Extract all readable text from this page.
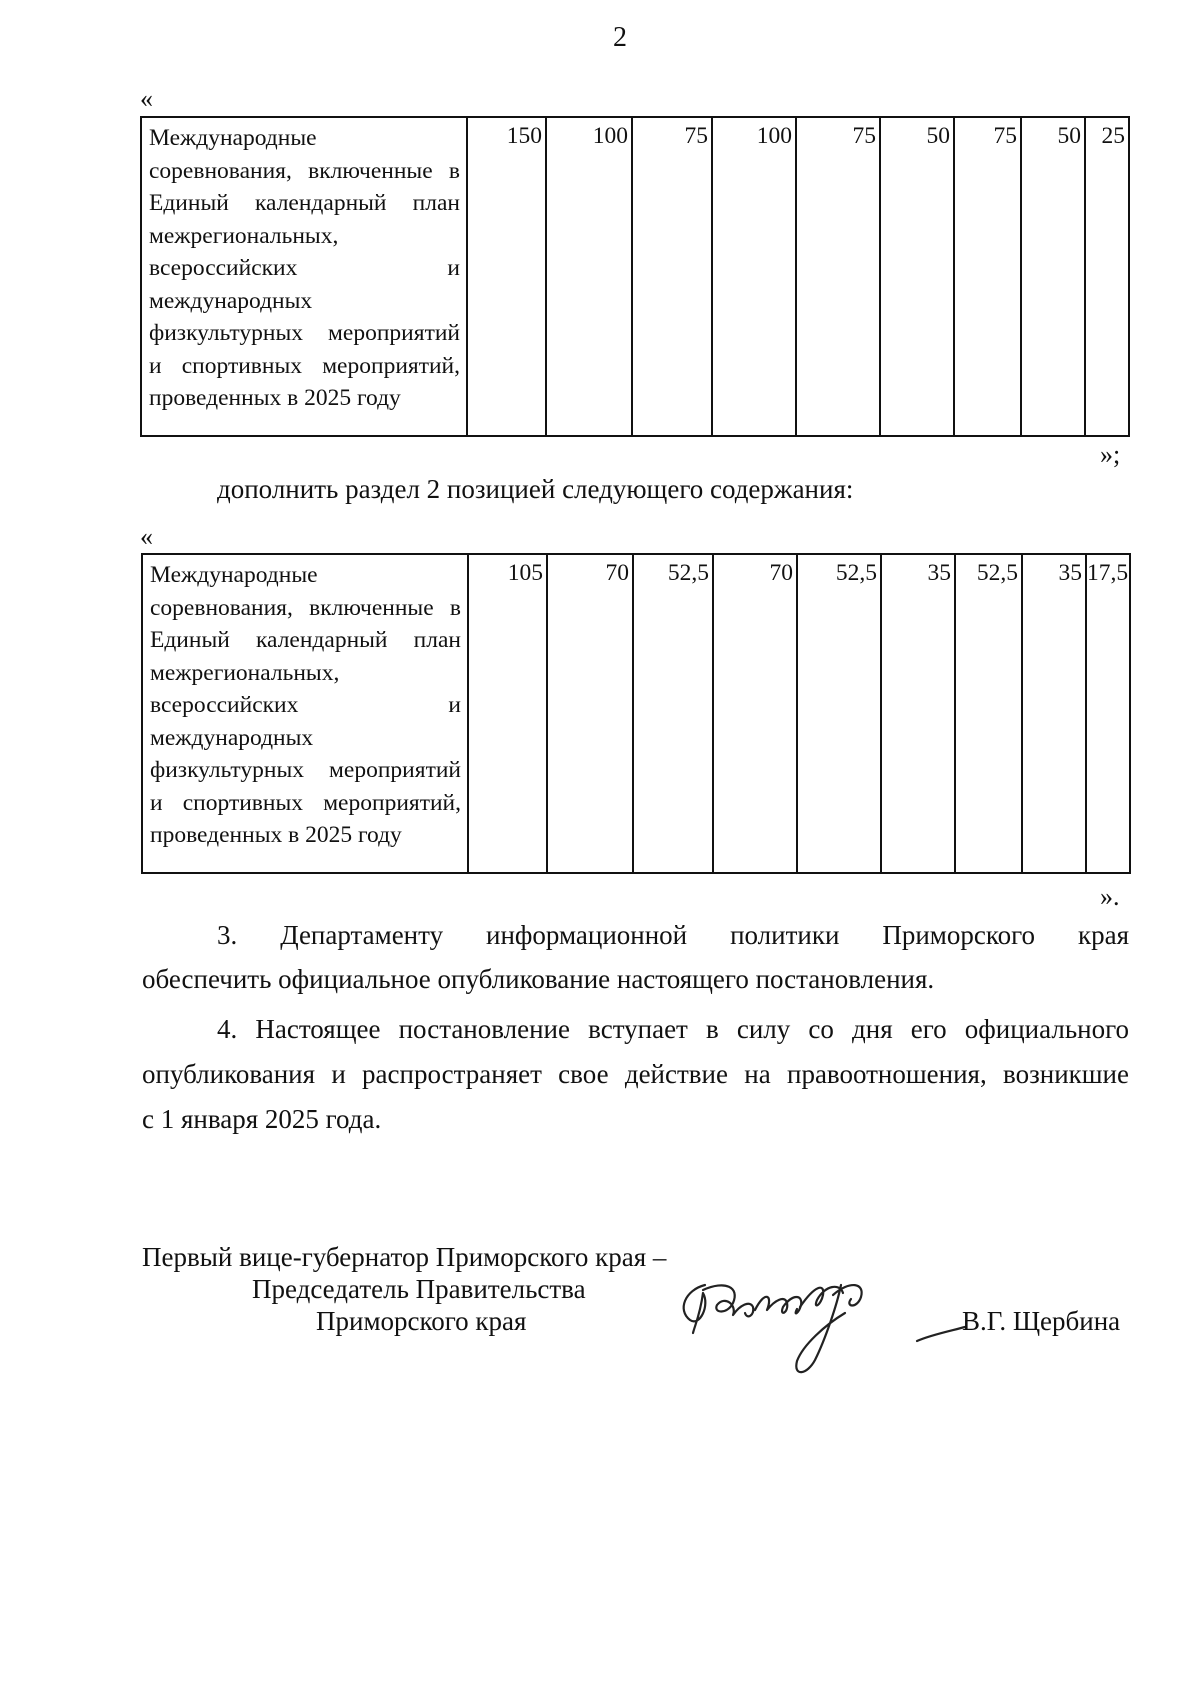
2
«
Международные
соревнования, включенные в
Единый календарный план
межрегиональных,
всероссийских и
международных
физкультурных мероприятий
и спортивных мероприятий,
проведенных в 2025 году
	150	100	75	100	75	50	75	50	25
»;
дополнить раздел 2 позицией следующего содержания:
«
Международные
соревнования, включенные в
Единый календарный план
межрегиональных,
всероссийских и
международных
физкультурных мероприятий
и спортивных мероприятий,
проведенных в 2025 году
	105	70	52,5	70	52,5	35	52,5	35	17,5
».
3. Департаменту информационной политики Приморского края
обеспечить официальное опубликование настоящего постановления.
4. Настоящее постановление вступает в силу со дня его официального
опубликования и распространяет свое действие на правоотношения, возникшие
с 1 января 2025 года.
Первый вице-губернатор Приморского края –
Председатель Правительства
Приморского края	В.Г. Щербина
